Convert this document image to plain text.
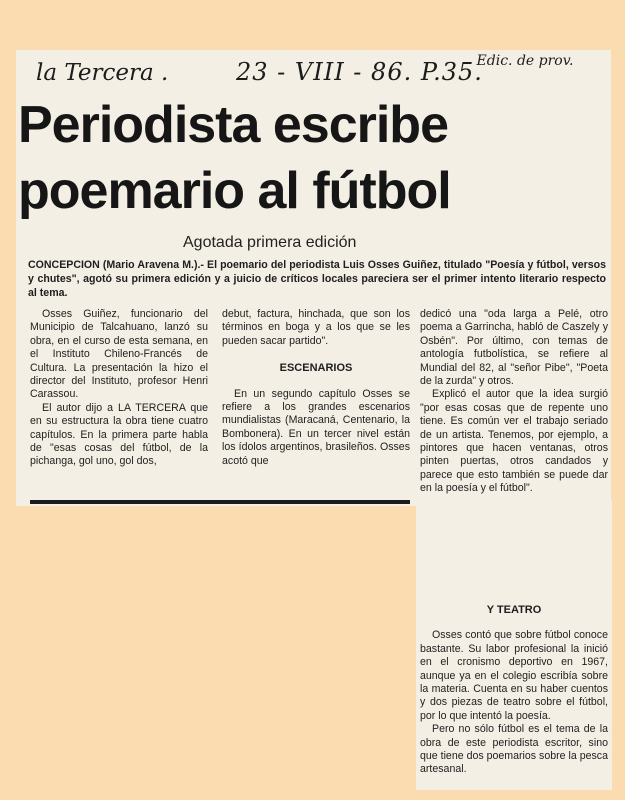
la Tercera .	23 - VIII - 86. P.35.
Edic. de prov.
Periodista escribe
poemario al fútbol
Agotada primera edición
CONCEPCION (Mario Aravena M.).- El poemario del periodista Luis Osses Guiñez, titulado "Poesía y fútbol, versos y chutes", agotó su primera edición y a juicio de críticos locales pareciera ser el primer intento literario respecto al tema.

Osses Guiñez, funcionario del Municipio de Talcahuano, lanzó su obra, en el curso de esta semana, en el Instituto Chileno-Francés de Cultura. La presentación la hizo el director del Instituto, profesor Henri Carassou.

El autor dijo a LA TERCERA que en su estructura la obra tiene cuatro capítulos. En la primera parte habla de "esas cosas del fútbol, de la pichanga, gol uno, gol dos,

debut, factura, hinchada, que son los términos en boga y a los que se les pueden sacar partido".

ESCENARIOS

En un segundo capítulo Osses se refiere a los grandes escenarios mundialistas (Maracaná, Centenario, la Bombonera). En un tercer nivel están los ídolos argentinos, brasileños. Osses acotó que

dedicó una "oda larga a Pelé, otro poema a Garrincha, habló de Caszely y Osbén". Por último, con temas de antología futbolística, se refiere al Mundial del 82, al "señor Pibe", "Poeta de la zurda" y otros.

Explicó el autor que la idea surgió "por esas cosas que de repente uno tiene. Es común ver el trabajo seriado de un artista. Tenemos, por ejemplo, a pintores que hacen ventanas, otros pinten puertas, otros candados y parece que esto también se puede dar en la poesía y el fútbol".

Y TEATRO

Osses contó que sobre fútbol conoce bastante. Su labor profesional la inició en el cronismo deportivo en 1967, aunque ya en el colegio escribía sobre la materia. Cuenta en su haber cuentos y dos piezas de teatro sobre el fútbol, por lo que intentó la poesía.

Pero no sólo fútbol es el tema de la obra de este periodista escritor, sino que tiene dos poemarios sobre la pesca artesanal.
